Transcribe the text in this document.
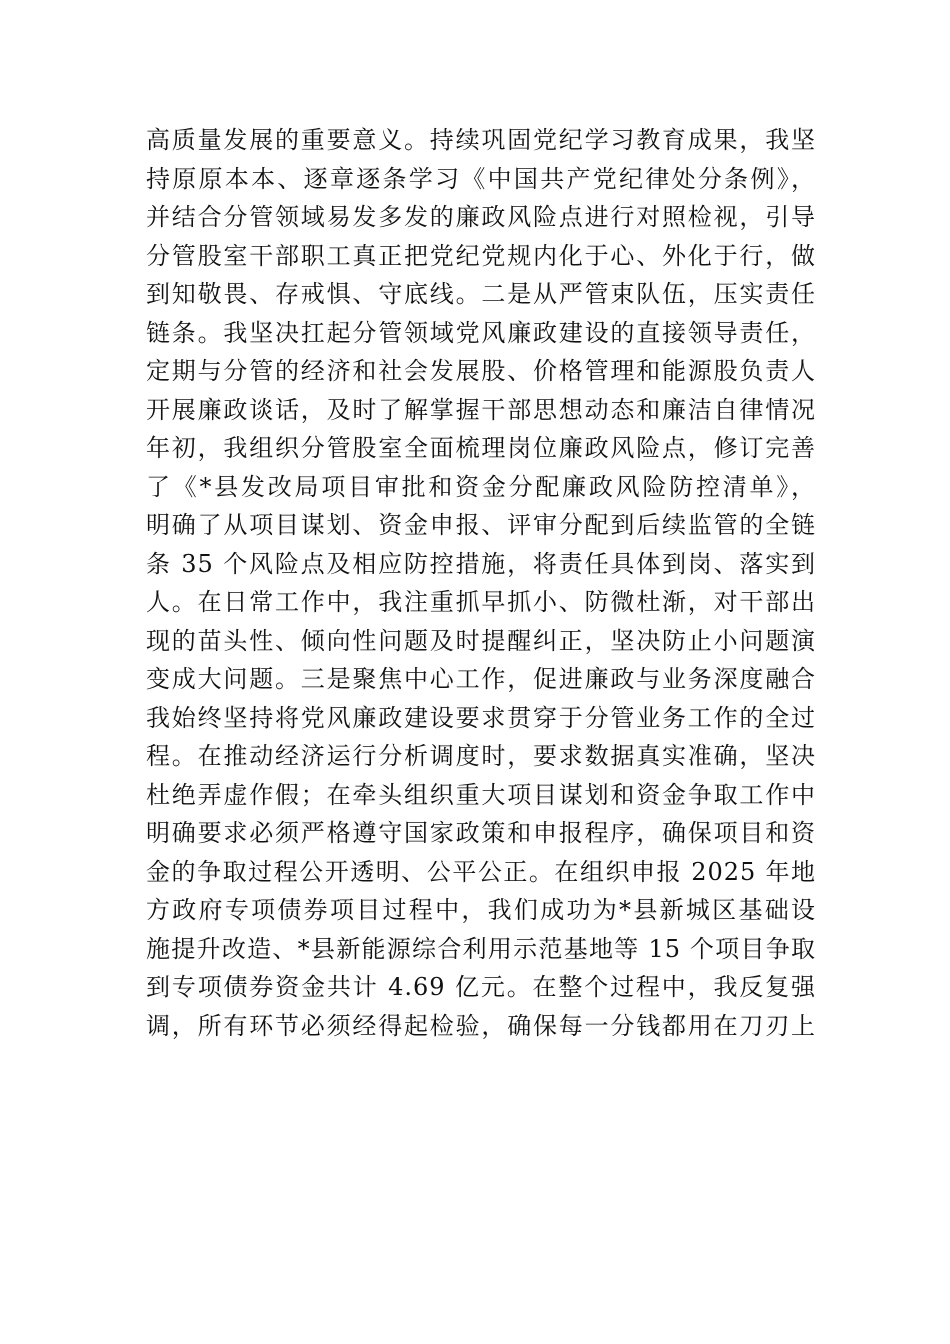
高质量发展的重要意义。持续巩固党纪学习教育成果，我坚
持原原本本、逐章逐条学习《中国共产党纪律处分条例》，
并结合分管领域易发多发的廉政风险点进行对照检视，引导
分管股室干部职工真正把党纪党规内化于心、外化于行，做
到知敬畏、存戒惧、守底线。二是从严管束队伍，压实责任
链条。我坚决扛起分管领域党风廉政建设的直接领导责任，
定期与分管的经济和社会发展股、价格管理和能源股负责人
开展廉政谈话，及时了解掌握干部思想动态和廉洁自律情况
年初，我组织分管股室全面梳理岗位廉政风险点，修订完善
了《*县发改局项目审批和资金分配廉政风险防控清单》，
明确了从项目谋划、资金申报、评审分配到后续监管的全链
条 35 个风险点及相应防控措施，将责任具体到岗、落实到
人。在日常工作中，我注重抓早抓小、防微杜渐，对干部出
现的苗头性、倾向性问题及时提醒纠正，坚决防止小问题演
变成大问题。三是聚焦中心工作，促进廉政与业务深度融合
我始终坚持将党风廉政建设要求贯穿于分管业务工作的全过
程。在推动经济运行分析调度时，要求数据真实准确，坚决
杜绝弄虚作假；在牵头组织重大项目谋划和资金争取工作中
明确要求必须严格遵守国家政策和申报程序，确保项目和资
金的争取过程公开透明、公平公正。在组织申报 2025 年地
方政府专项债券项目过程中，我们成功为*县新城区基础设
施提升改造、*县新能源综合利用示范基地等 15 个项目争取
到专项债券资金共计 4.69 亿元。在整个过程中，我反复强
调，所有环节必须经得起检验，确保每一分钱都用在刀刃上
